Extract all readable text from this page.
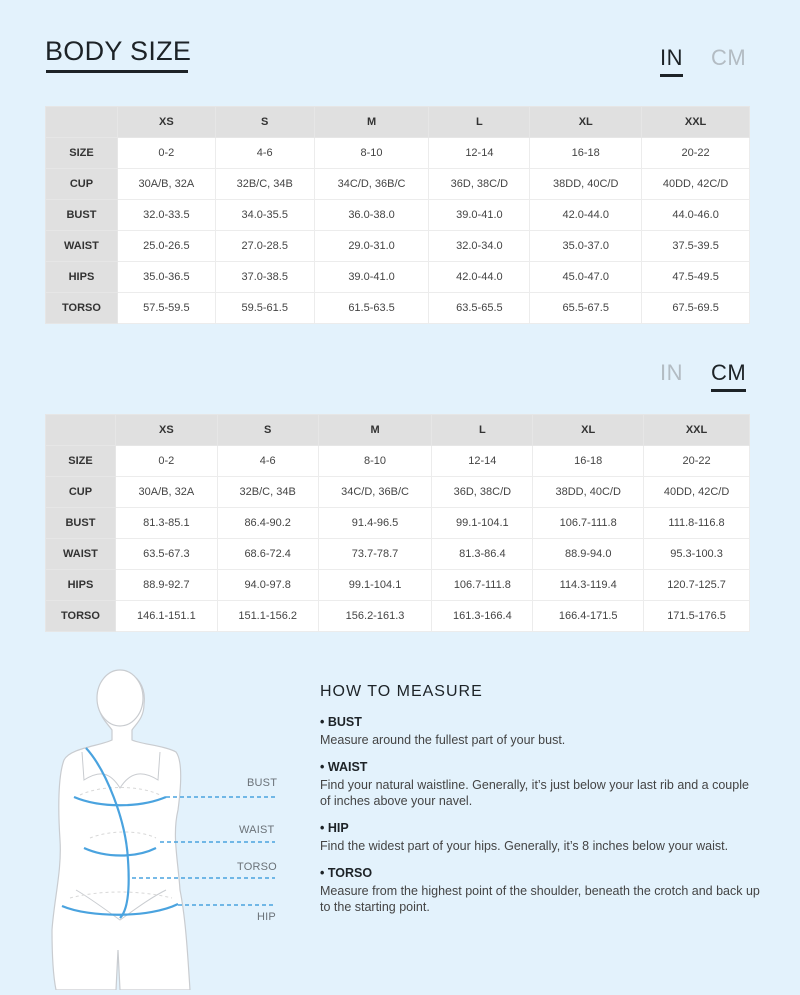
BODY SIZE	IN CM
	XS	S	M	L	XL	XXL
SIZE	0-2	4-6	8-10	12-14	16-18	20-22
CUP	30A/B, 32A	32B/C, 34B	34C/D, 36B/C	36D, 38C/D	38DD, 40C/D	40DD, 42C/D
BUST	32.0-33.5	34.0-35.5	36.0-38.0	39.0-41.0	42.0-44.0	44.0-46.0
WAIST	25.0-26.5	27.0-28.5	29.0-31.0	32.0-34.0	35.0-37.0	37.5-39.5
HIPS	35.0-36.5	37.0-38.5	39.0-41.0	42.0-44.0	45.0-47.0	47.5-49.5
TORSO	57.5-59.5	59.5-61.5	61.5-63.5	63.5-65.5	65.5-67.5	67.5-69.5
IN CM
	XS	S	M	L	XL	XXL
SIZE	0-2	4-6	8-10	12-14	16-18	20-22
CUP	30A/B, 32A	32B/C, 34B	34C/D, 36B/C	36D, 38C/D	38DD, 40C/D	40DD, 42C/D
BUST	81.3-85.1	86.4-90.2	91.4-96.5	99.1-104.1	106.7-111.8	111.8-116.8
WAIST	63.5-67.3	68.6-72.4	73.7-78.7	81.3-86.4	88.9-94.0	95.3-100.3
HIPS	88.9-92.7	94.0-97.8	99.1-104.1	106.7-111.8	114.3-119.4	120.7-125.7
TORSO	146.1-151.1	151.1-156.2	156.2-161.3	161.3-166.4	166.4-171.5	171.5-176.5
BUST
WAIST
TORSO
HIP
HOW TO MEASURE

• BUST

Measure around the fullest part of your bust.

• WAIST

Find your natural waistline. Generally, it’s just below your last rib and a couple of inches above your navel.

• HIP

Find the widest part of your hips. Generally, it’s 8 inches below your waist.

• TORSO

Measure from the highest point of the shoulder, beneath the crotch and back up to the starting point.
